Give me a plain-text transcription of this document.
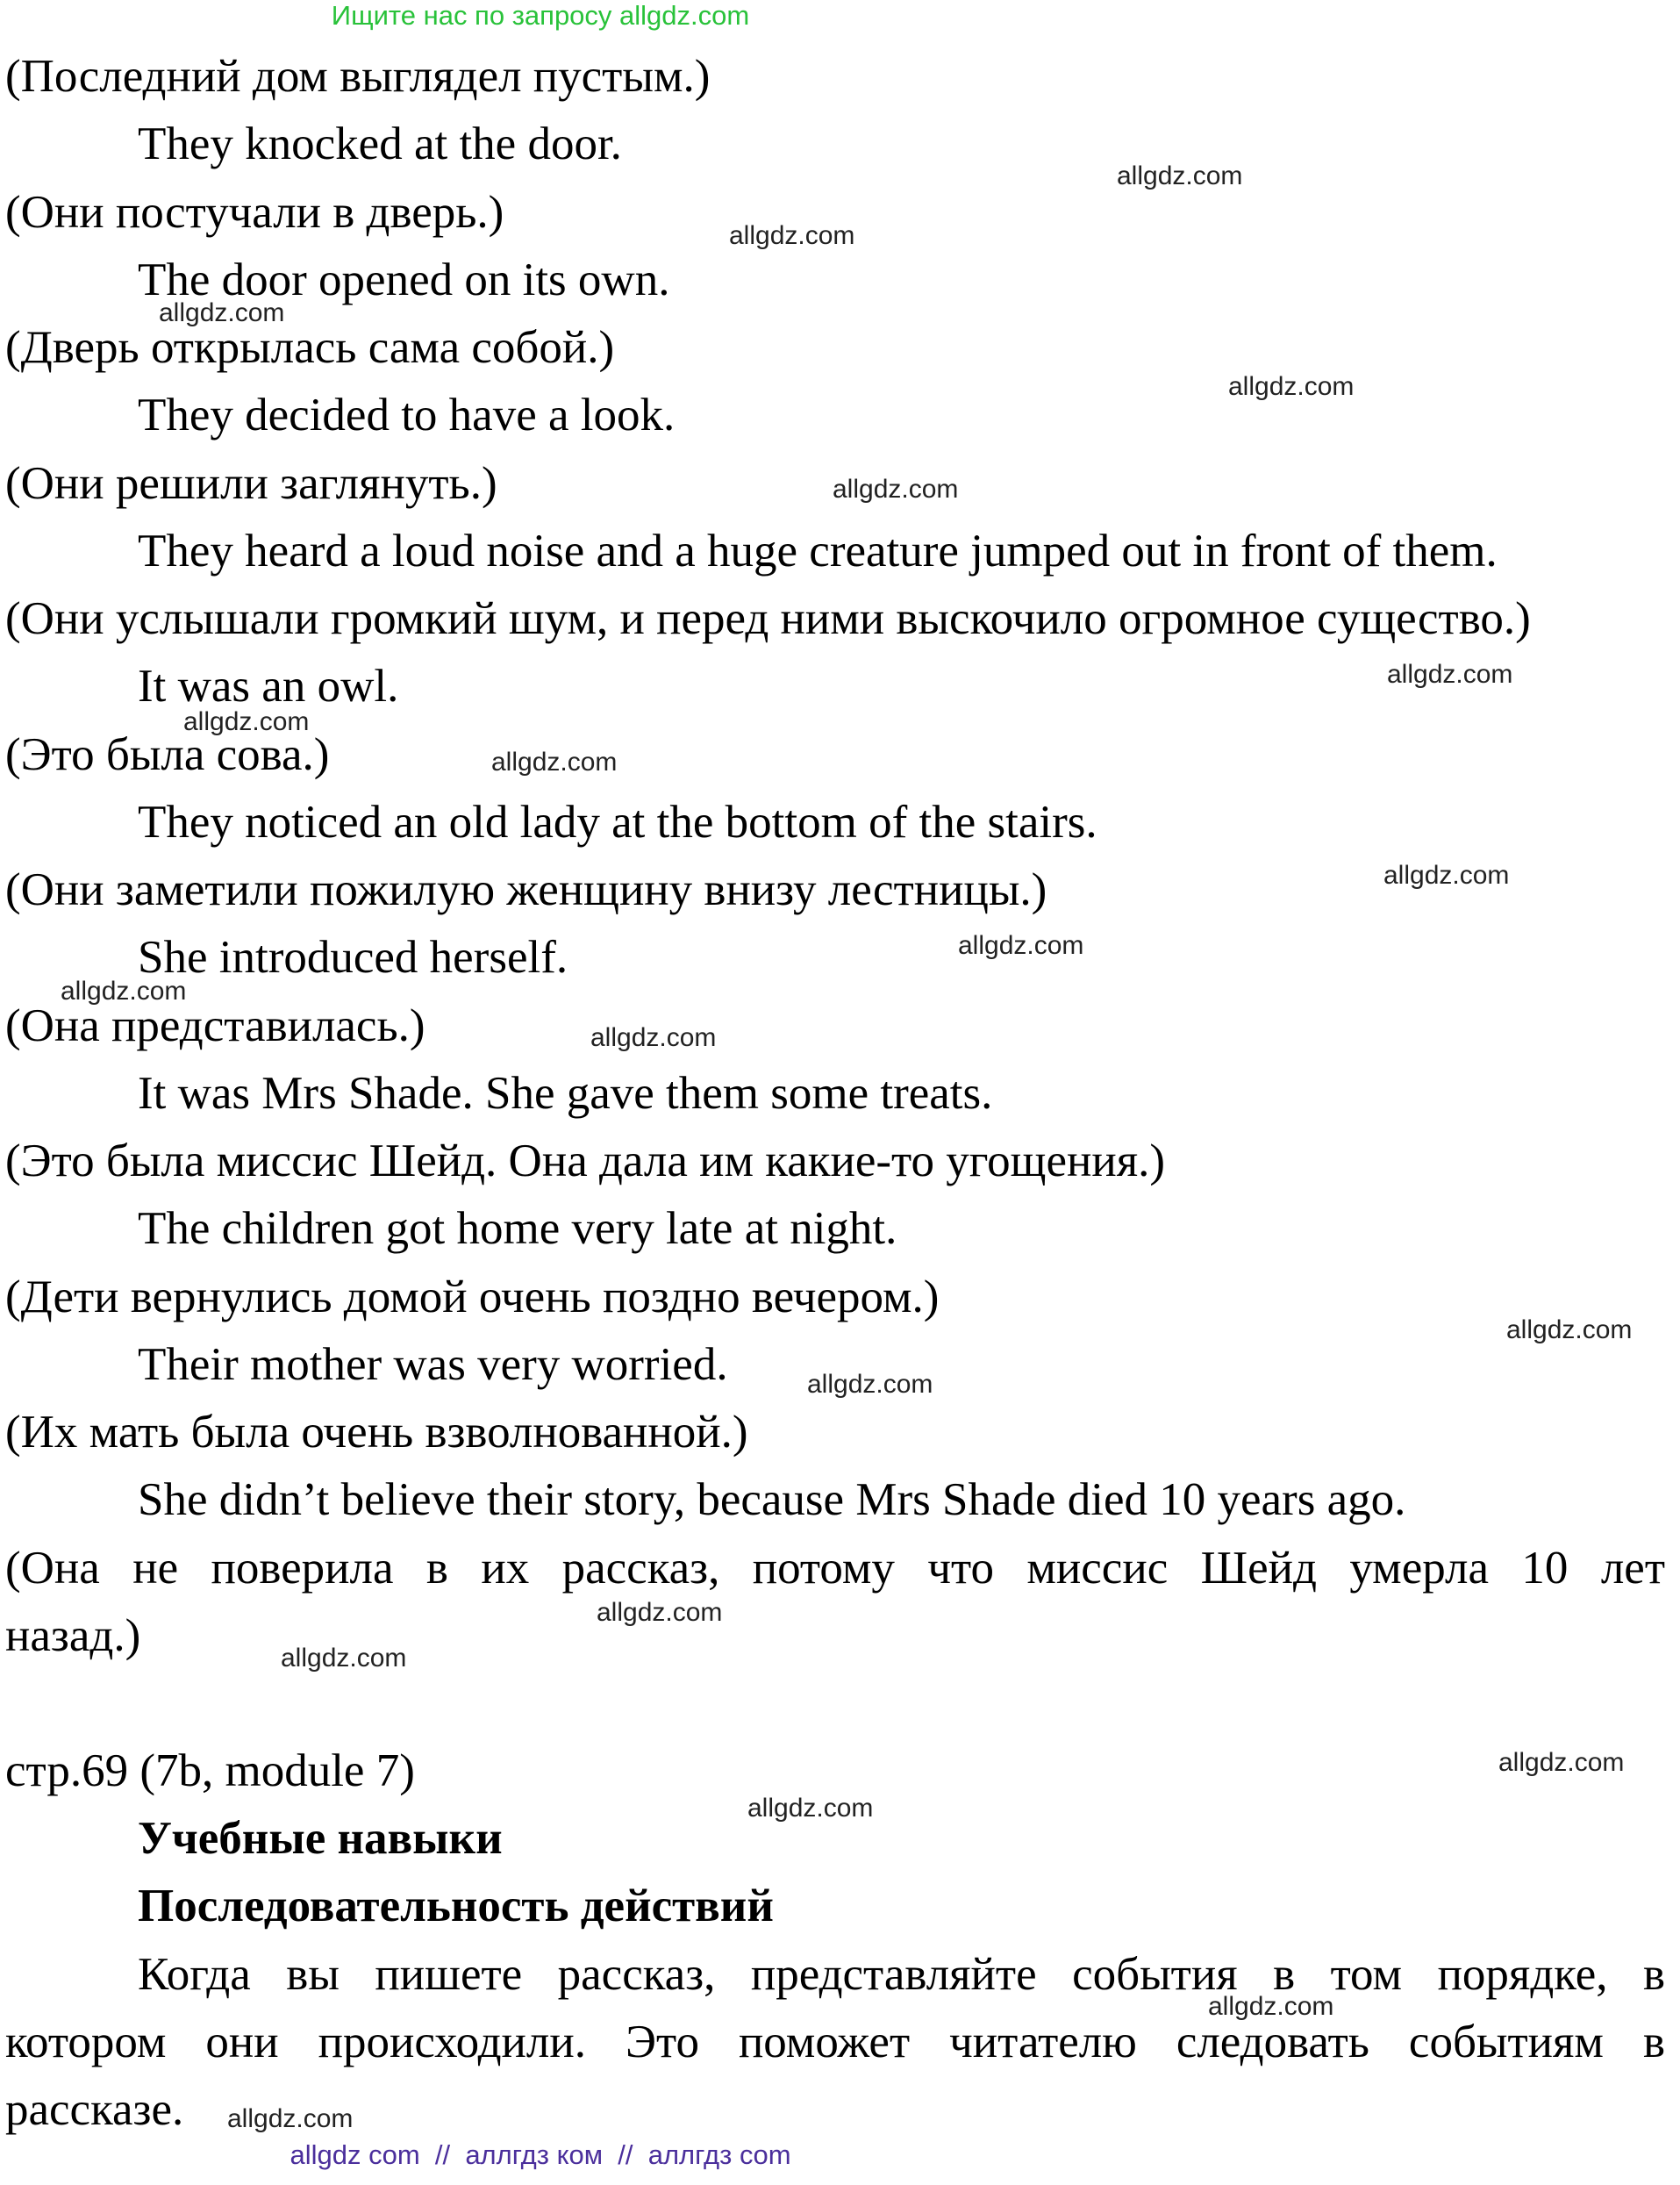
Ищите нас по запросу allgdz.com
(Последний дом выглядел пустым.)
They knocked at the door.
(Они постучали в дверь.)
The door opened on its own.
(Дверь открылась сама собой.)
They decided to have a look.
(Они решили заглянуть.)
They heard a loud noise and a huge creature jumped out in front of them.
(Они услышали громкий шум, и перед ними выскочило огромное существо.)
It was an owl.
(Это была сова.)
They noticed an old lady at the bottom of the stairs.
(Они заметили пожилую женщину внизу лестницы.)
She introduced herself.
(Она представилась.)
It was Mrs Shade. She gave them some treats.
(Это была миссис Шейд. Она дала им какие-то угощения.)
The children got home very late at night.
(Дети вернулись домой очень поздно вечером.)
Their mother was very worried.
(Их мать была очень взволнованной.)
She didn’t believe their story, because Mrs Shade died 10 years ago.
(Она не поверила в их рассказ, потому что миссис Шейд умерла 10 лет
назад.)
стр.69 (7b, module 7)
Учебные навыки
Последовательность действий
Когда вы пишете рассказ, представляйте события в том порядке, в
котором они происходили. Это поможет читателю следовать событиям в
рассказе.
allgdz.com
allgdz.com
allgdz.com
allgdz.com
allgdz.com
allgdz.com
allgdz.com
allgdz.com
allgdz.com
allgdz.com
allgdz.com
allgdz.com
allgdz.com
allgdz.com
allgdz.com
allgdz.com
allgdz.com
allgdz.com
allgdz.com
allgdz.com
allgdz com  //  аллгдз ком  //  аллгдз com
